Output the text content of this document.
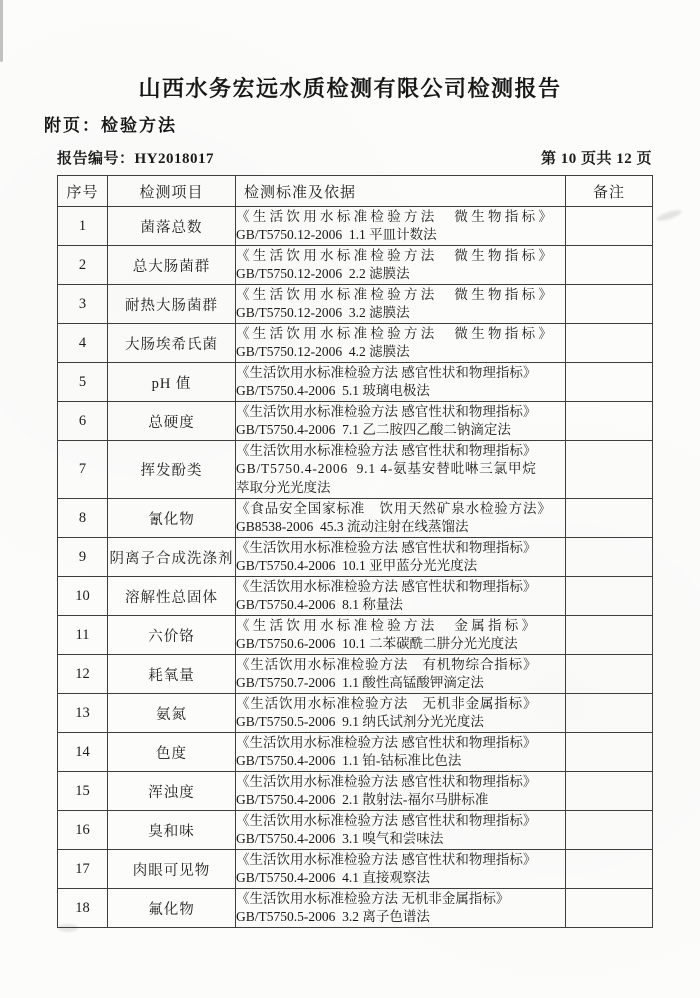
山西水务宏远水质检测有限公司检测报告
附页：检验方法
报告编号：HY2018017	第 10 页共 12 页
序号	检测项目	检测标准及依据	备注
1	菌落总数	《生活饮用水标准检验方法　微生物指标》
GB/T5750.12-2006  1.1 平皿计数法	

2	总大肠菌群	《生活饮用水标准检验方法　微生物指标》
GB/T5750.12-2006  2.2 滤膜法	

3	耐热大肠菌群	《生活饮用水标准检验方法　微生物指标》
GB/T5750.12-2006  3.2 滤膜法	

4	大肠埃希氏菌	《生活饮用水标准检验方法　微生物指标》
GB/T5750.12-2006  4.2 滤膜法	

5	pH 值	《生活饮用水标准检验方法 感官性状和物理指标》
GB/T5750.4-2006  5.1 玻璃电极法	

6	总硬度	《生活饮用水标准检验方法 感官性状和物理指标》
GB/T5750.4-2006  7.1 乙二胺四乙酸二钠滴定法	

7	挥发酚类	《生活饮用水标准检验方法 感官性状和物理指标》
GB/T5750.4-2006  9.1 4-氨基安替吡啉三氯甲烷
萃取分光光度法	

8	氰化物	《食品安全国家标准　饮用天然矿泉水检验方法》
GB8538-2006  45.3 流动注射在线蒸馏法	

9	阴离子合成洗涤剂	《生活饮用水标准检验方法 感官性状和物理指标》
GB/T5750.4-2006  10.1 亚甲蓝分光光度法	

10	溶解性总固体	《生活饮用水标准检验方法 感官性状和物理指标》
GB/T5750.4-2006  8.1 称量法	

11	六价铬	《生活饮用水标准检验方法　金属指标》
GB/T5750.6-2006  10.1 二苯碳酰二肼分光光度法	

12	耗氧量	《生活饮用水标准检验方法　有机物综合指标》
GB/T5750.7-2006  1.1 酸性高锰酸钾滴定法	

13	氨氮	《生活饮用水标准检验方法　无机非金属指标》
GB/T5750.5-2006  9.1 纳氏试剂分光光度法	

14	色度	《生活饮用水标准检验方法 感官性状和物理指标》
GB/T5750.4-2006  1.1 铂-钴标准比色法	

15	浑浊度	《生活饮用水标准检验方法 感官性状和物理指标》
GB/T5750.4-2006  2.1 散射法-福尔马肼标准	

16	臭和味	《生活饮用水标准检验方法 感官性状和物理指标》
GB/T5750.4-2006  3.1 嗅气和尝味法	

17	肉眼可见物	《生活饮用水标准检验方法 感官性状和物理指标》
GB/T5750.4-2006  4.1 直接观察法	

18	氟化物	《生活饮用水标准检验方法 无机非金属指标》
GB/T5750.5-2006  3.2 离子色谱法	
